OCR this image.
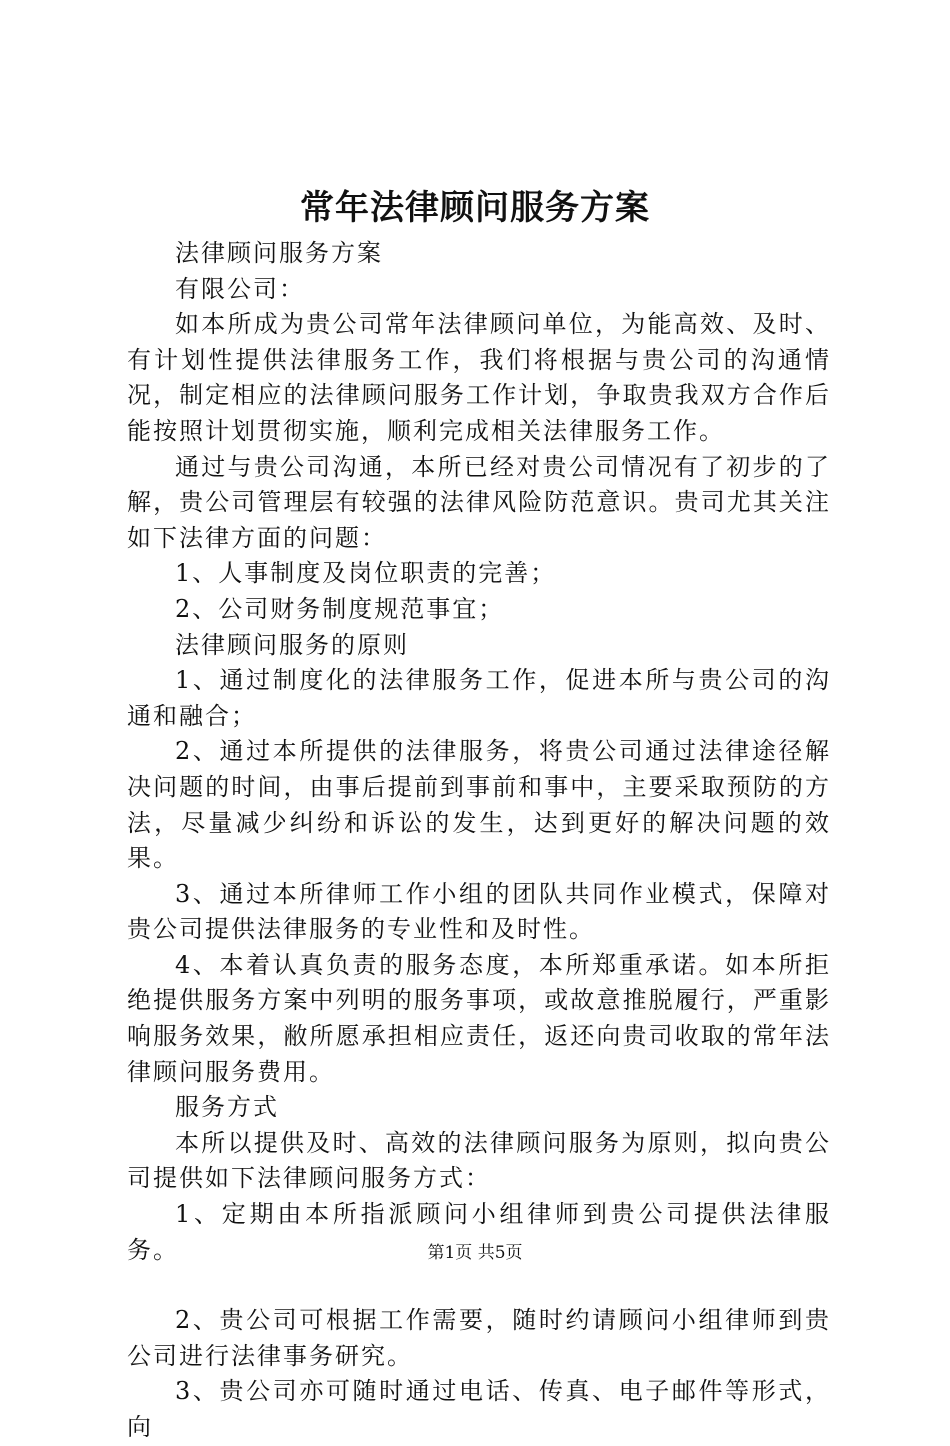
常年法律顾问服务方案

法律顾问服务方案

有限公司：

如本所成为贵公司常年法律顾问单位，为能高效、及时、有计划性提供法律服务工作，我们将根据与贵公司的沟通情况，制定相应的法律顾问服务工作计划，争取贵我双方合作后能按照计划贯彻实施，顺利完成相关法律服务工作。

通过与贵公司沟通，本所已经对贵公司情况有了初步的了解，贵公司管理层有较强的法律风险防范意识。贵司尤其关注如下法律方面的问题：

1、人事制度及岗位职责的完善；

2、公司财务制度规范事宜；

法律顾问服务的原则

1、通过制度化的法律服务工作，促进本所与贵公司的沟通和融合；

2、通过本所提供的法律服务，将贵公司通过法律途径解决问题的时间，由事后提前到事前和事中，主要采取预防的方法，尽量减少纠纷和诉讼的发生，达到更好的解决问题的效果。

3、通过本所律师工作小组的团队共同作业模式，保障对贵公司提供法律服务的专业性和及时性。

4、本着认真负责的服务态度，本所郑重承诺。如本所拒绝提供服务方案中列明的服务事项，或故意推脱履行，严重影响服务效果，敝所愿承担相应责任，返还向贵司收取的常年法律顾问服务费用。

服务方式

本所以提供及时、高效的法律顾问服务为原则，拟向贵公司提供如下法律顾问服务方式：

1、定期由本所指派顾问小组律师到贵公司提供法律服务。

2、贵公司可根据工作需要，随时约请顾问小组律师到贵公司进行法律事务研究。

3、贵公司亦可随时通过电话、传真、电子邮件等形式，向

第1页 共5页
